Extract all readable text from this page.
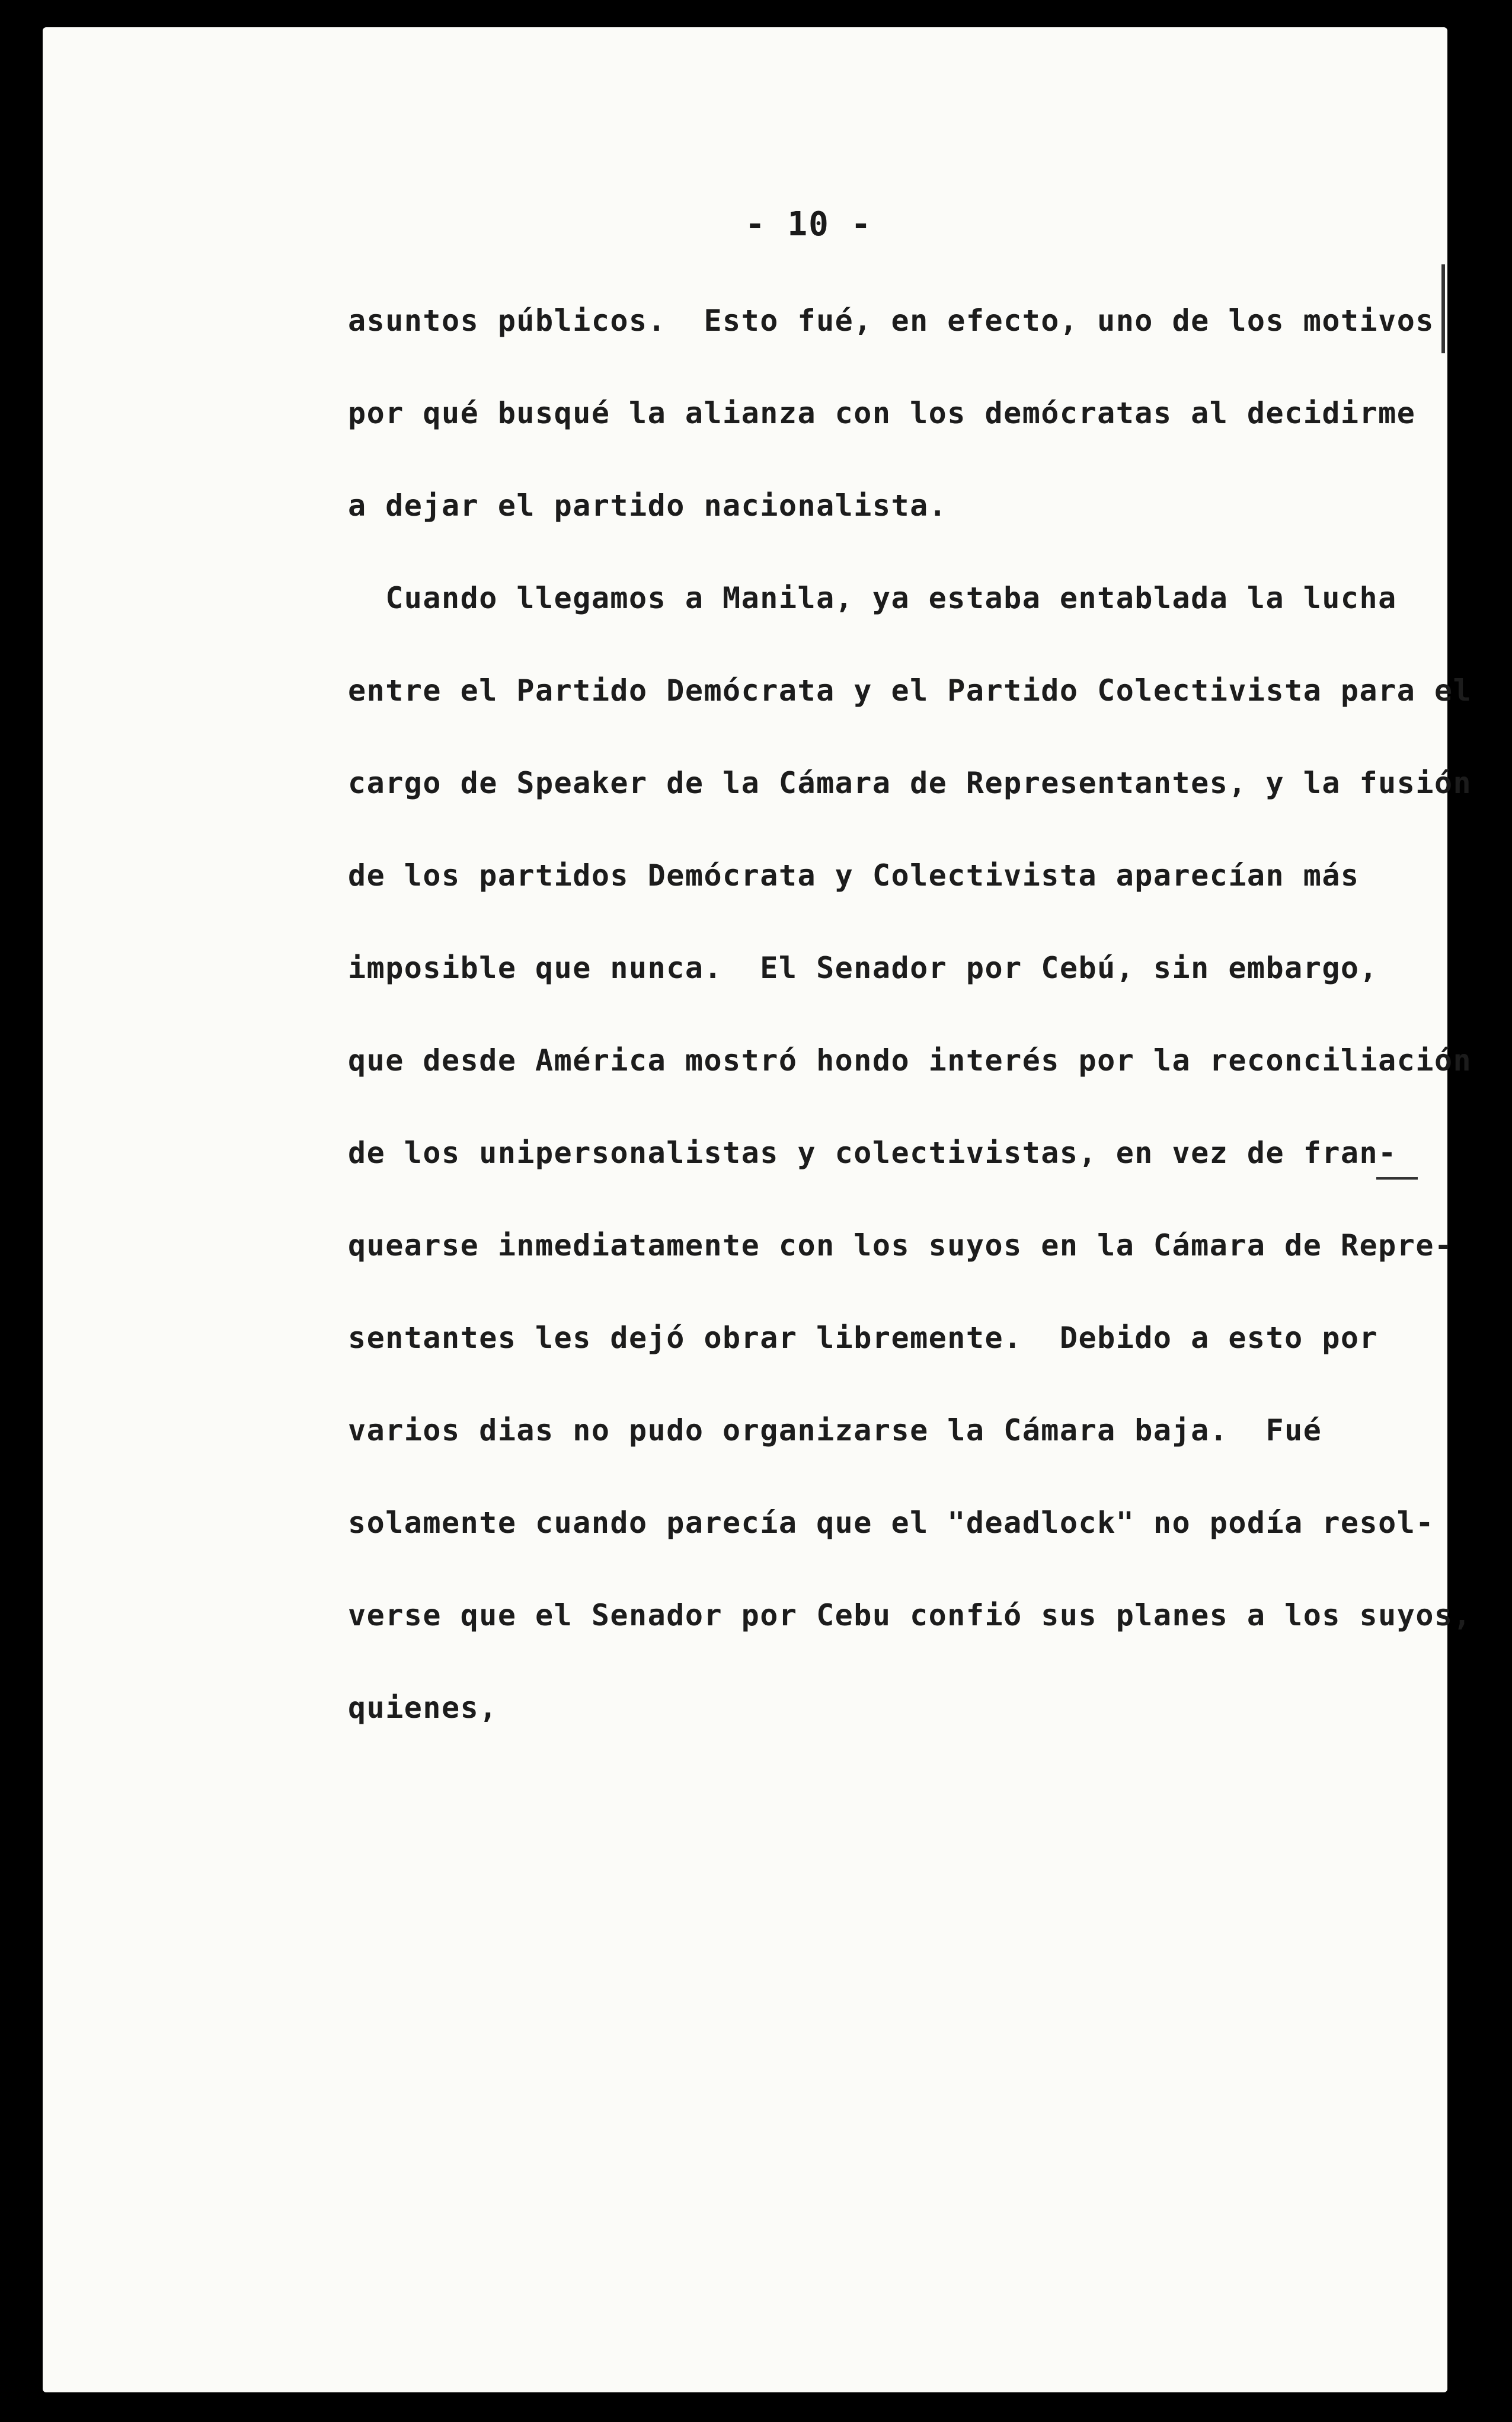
- 10 -
asuntos públicos.  Esto fué, en efecto, uno de los motivos
por qué busqué la alianza con los demócratas al decidirme
a dejar el partido nacionalista.
Cuando llegamos a Manila, ya estaba entablada la lucha
entre el Partido Demócrata y el Partido Colectivista para el
cargo de Speaker de la Cámara de Representantes, y la fusión
de los partidos Demócrata y Colectivista aparecían más
imposible que nunca.  El Senador por Cebú, sin embargo,
que desde América mostró hondo interés por la reconciliación
de los unipersonalistas y colectivistas, en vez de fran-
quearse inmediatamente con los suyos en la Cámara de Repre-
sentantes les dejó obrar libremente.  Debido a esto por
varios dias no pudo organizarse la Cámara baja.  Fué
solamente cuando parecía que el "deadlock" no podía resol-
verse que el Senador por Cebu confió sus planes a los suyos,
quienes,
